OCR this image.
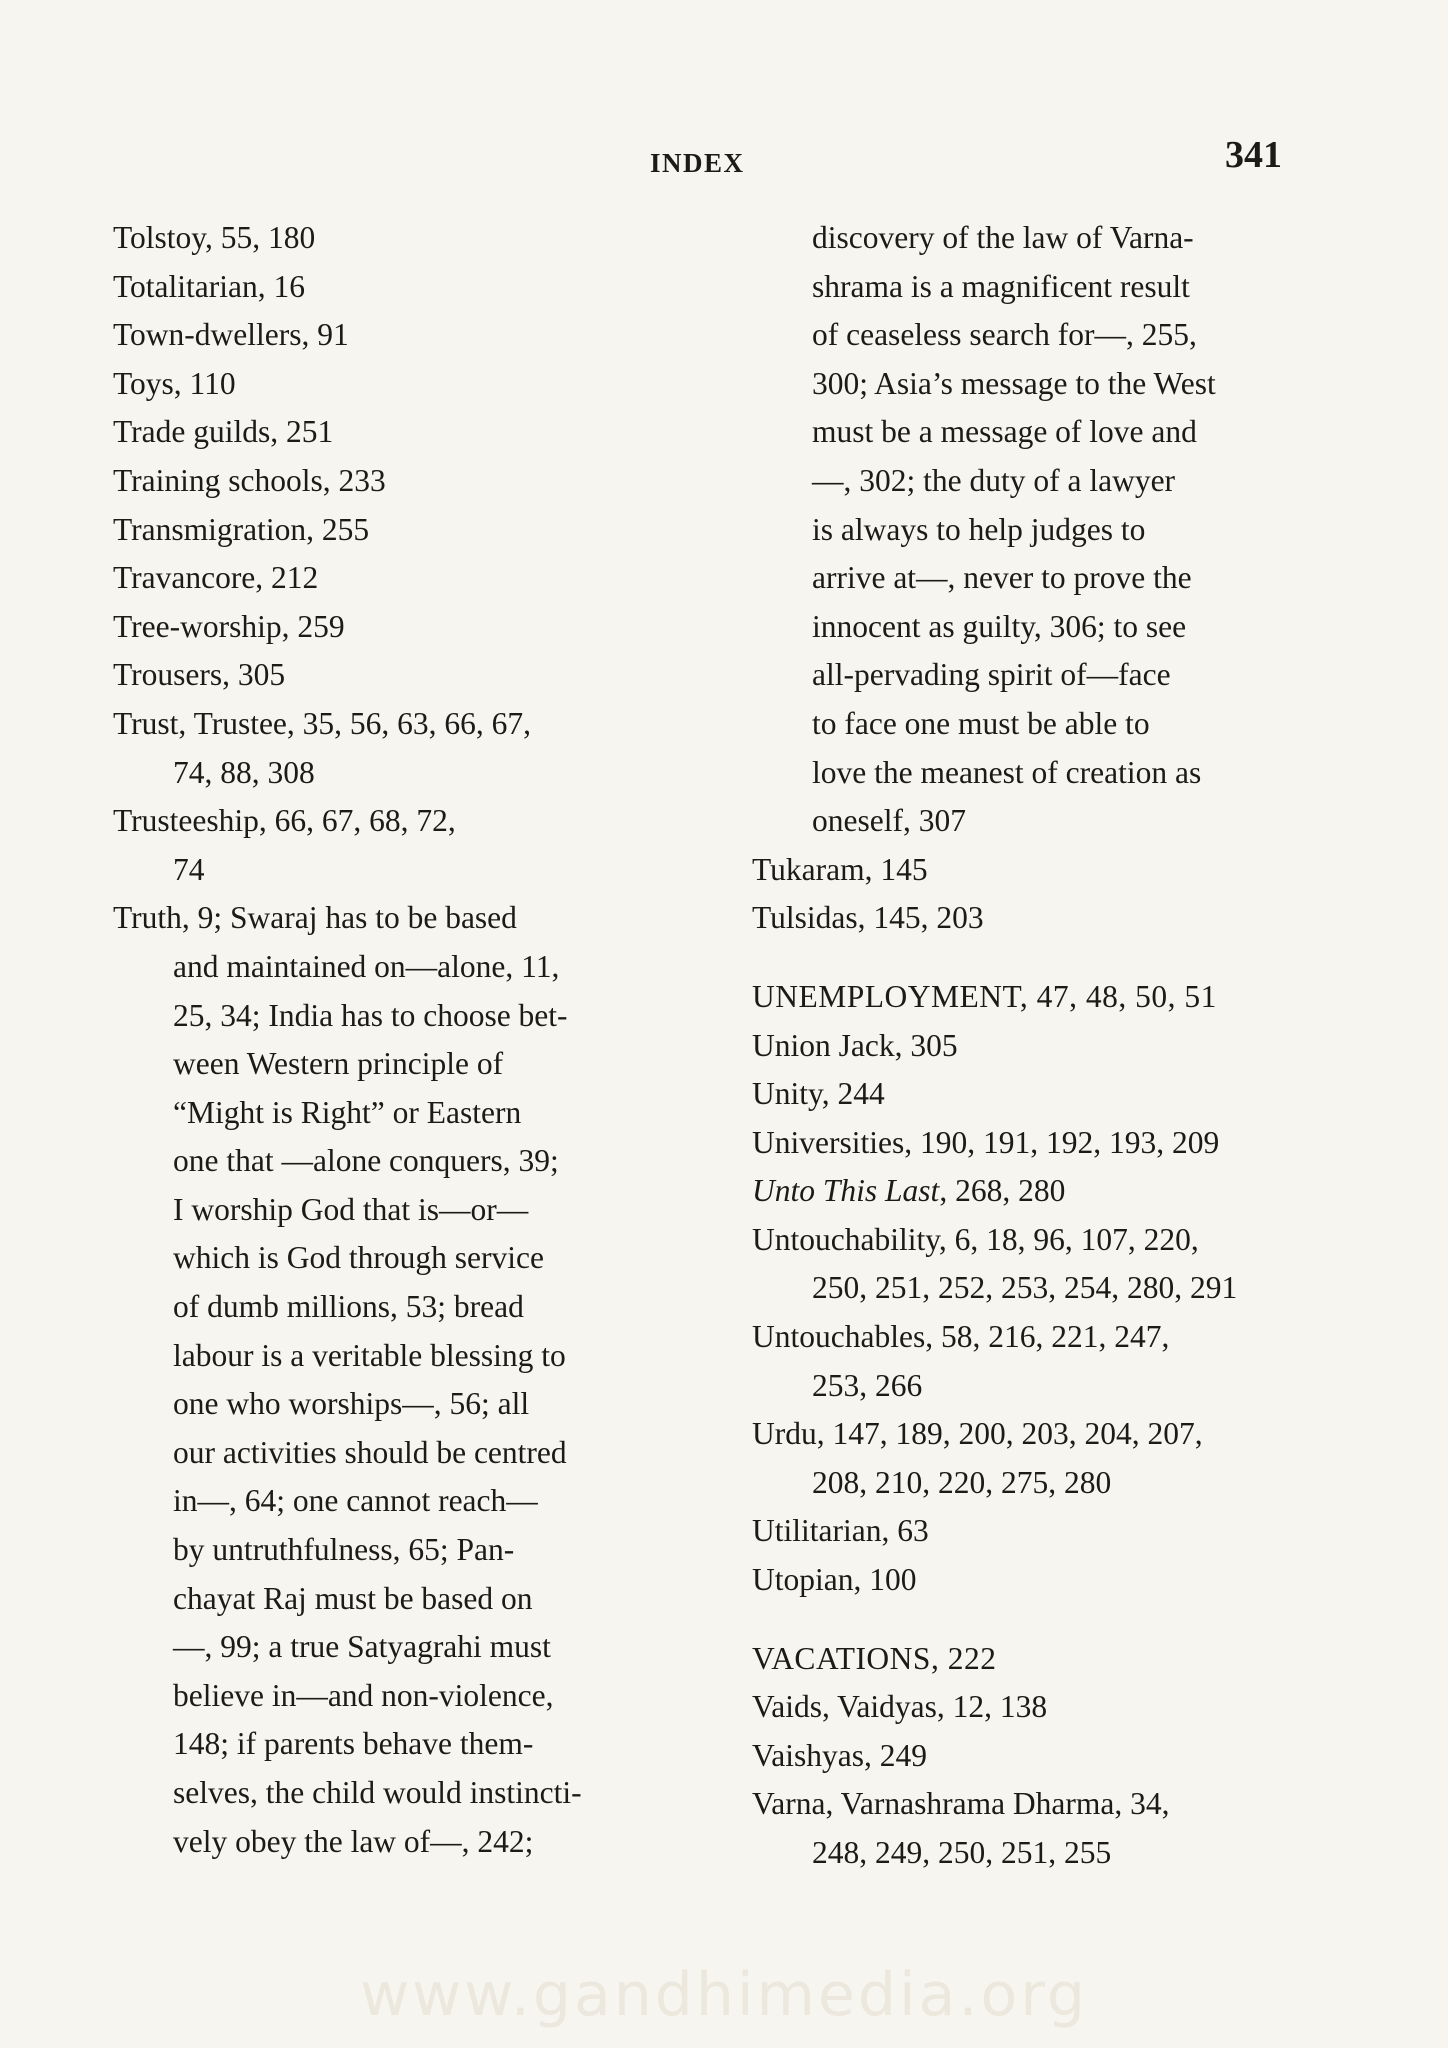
INDEX	341
Tolstoy, 55, 180
Totalitarian, 16
Town-dwellers, 91
Toys, 110
Trade guilds, 251
Training schools, 233
Transmigration, 255
Travancore, 212
Tree-worship, 259
Trousers, 305
Trust, Trustee, 35, 56, 63, 66, 67,
74, 88, 308
Trusteeship, 66, 67, 68, 72,
74
Truth, 9; Swaraj has to be based
and maintained on—alone, 11,
25, 34; India has to choose bet-
ween Western principle of
“Might is Right” or Eastern
one that —alone conquers, 39;
I worship God that is—or—
which is God through service
of dumb millions, 53; bread
labour is a veritable blessing to
one who worships—, 56; all
our activities should be centred
in—, 64; one cannot reach—
by untruthfulness, 65; Pan-
chayat Raj must be based on
—, 99; a true Satyagrahi must
believe in—and non-violence,
148; if parents behave them-
selves, the child would instincti-
vely obey the law of—, 242;
discovery of the law of Varna-
shrama is a magnificent result
of ceaseless search for—, 255,
300; Asia’s message to the West
must be a message of love and
—, 302; the duty of a lawyer
is always to help judges to
arrive at—, never to prove the
innocent as guilty, 306; to see
all-pervading spirit of—face
to face one must be able to
love the meanest of creation as
oneself, 307
Tukaram, 145
Tulsidas, 145, 203
UNEMPLOYMENT, 47, 48, 50, 51
Union Jack, 305
Unity, 244
Universities, 190, 191, 192, 193, 209
Unto This Last, 268, 280
Untouchability, 6, 18, 96, 107, 220,
250, 251, 252, 253, 254, 280, 291
Untouchables, 58, 216, 221, 247,
253, 266
Urdu, 147, 189, 200, 203, 204, 207,
208, 210, 220, 275, 280
Utilitarian, 63
Utopian, 100
VACATIONS, 222
Vaids, Vaidyas, 12, 138
Vaishyas, 249
Varna, Varnashrama Dharma, 34,
248, 249, 250, 251, 255
www.gandhimedia.org
